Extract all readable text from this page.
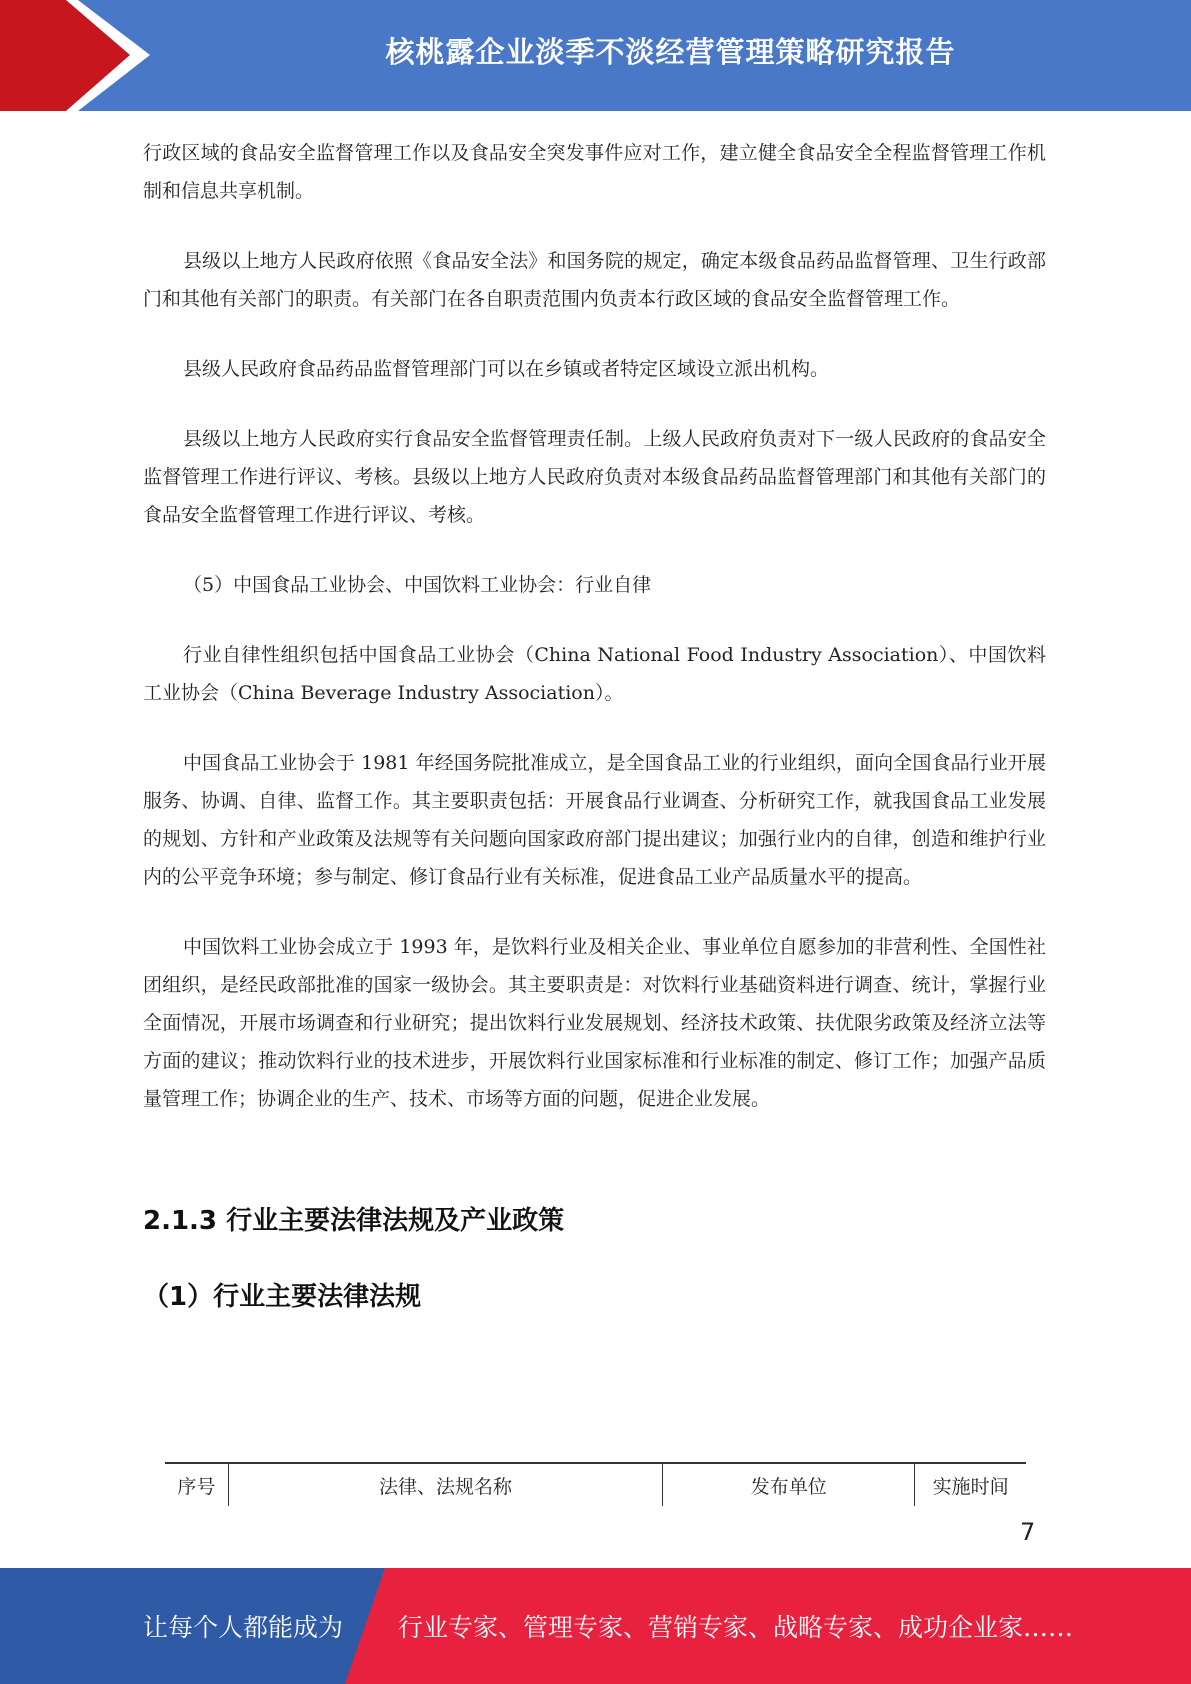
核桃露企业淡季不淡经营管理策略研究报告

行政区域的食品安全监督管理工作以及食品安全突发事件应对工作，建立健全食品安全全程监督管理工作机制和信息共享机制。

县级以上地方人民政府依照《食品安全法》和国务院的规定，确定本级食品药品监督管理、卫生行政部门和其他有关部门的职责。有关部门在各自职责范围内负责本行政区域的食品安全监督管理工作。

县级人民政府食品药品监督管理部门可以在乡镇或者特定区域设立派出机构。

县级以上地方人民政府实行食品安全监督管理责任制。上级人民政府负责对下一级人民政府的食品安全监督管理工作进行评议、考核。县级以上地方人民政府负责对本级食品药品监督管理部门和其他有关部门的食品安全监督管理工作进行评议、考核。

（5）中国食品工业协会、中国饮料工业协会：行业自律

行业自律性组织包括中国食品工业协会（China National Food Industry Association）、中国饮料工业协会（China Beverage Industry Association）。

中国食品工业协会于 1981 年经国务院批准成立，是全国食品工业的行业组织，面向全国食品行业开展服务、协调、自律、监督工作。其主要职责包括：开展食品行业调查、分析研究工作，就我国食品工业发展的规划、方针和产业政策及法规等有关问题向国家政府部门提出建议；加强行业内的自律，创造和维护行业内的公平竞争环境；参与制定、修订食品行业有关标准，促进食品工业产品质量水平的提高。

中国饮料工业协会成立于 1993 年，是饮料行业及相关企业、事业单位自愿参加的非营利性、全国性社团组织，是经民政部批准的国家一级协会。其主要职责是：对饮料行业基础资料进行调查、统计，掌握行业全面情况，开展市场调查和行业研究；提出饮料行业发展规划、经济技术政策、扶优限劣政策及经济立法等方面的建议；推动饮料行业的技术进步，开展饮料行业国家标准和行业标准的制定、修订工作；加强产品质量管理工作；协调企业的生产、技术、市场等方面的问题，促进企业发展。

2.1.3 行业主要法律法规及产业政策
（1）行业主要法律法规
序号	法律、法规名称	发布单位	实施时间
7
让每个人都能成为 行业专家、管理专家、营销专家、战略专家、成功企业家……
